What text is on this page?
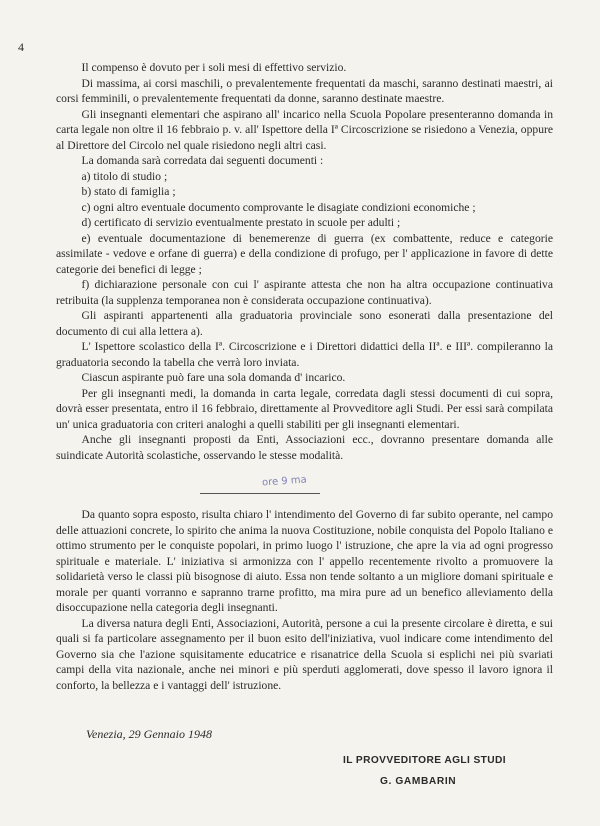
4

Il compenso è dovuto per i soli mesi di effettivo servizio.

Di massima, ai corsi maschili, o prevalentemente frequentati da maschi, saranno destinati maestri, ai corsi femminili, o prevalentemente frequentati da donne, saranno destinate maestre.

Gli insegnanti elementari che aspirano all' incarico nella Scuola Popolare presenteranno domanda in carta legale non oltre il 16 febbraio p. v. all' Ispettore della Iª Circoscrizione se risiedono a Venezia, oppure al Direttore del Circolo nel quale risiedono negli altri casi.

La domanda sarà corredata dai seguenti documenti :

a) titolo di studio ;

b) stato di famiglia ;

c) ogni altro eventuale documento comprovante le disagiate condizioni economiche ;

d) certificato di servizio eventualmente prestato in scuole per adulti ;

e) eventuale documentazione di benemerenze di guerra (ex combattente, reduce e categorie assimilate - vedove e orfane di guerra) e della condizione di profugo, per l' applicazione in favore di dette categorie dei benefici di legge ;

f) dichiarazione personale con cui l' aspirante attesta che non ha altra occupazione continuativa retribuita (la supplenza temporanea non è considerata occupazione continuativa).

Gli aspiranti appartenenti alla graduatoria provinciale sono esonerati dalla presentazione del documento di cui alla lettera a).

L' Ispettore scolastico della Iª. Circoscrizione e i Direttori didattici della IIª. e IIIª. compileranno la graduatoria secondo la tabella che verrà loro inviata.

Ciascun aspirante può fare una sola domanda d' incarico.

Per gli insegnanti medi, la domanda in carta legale, corredata dagli stessi documenti di cui sopra, dovrà esser presentata, entro il 16 febbraio, direttamente al Provveditore agli Studi. Per essi sarà compilata un' unica graduatoria con criteri analoghi a quelli stabiliti per gli insegnanti elementari.

Anche gli insegnanti proposti da Enti, Associazioni ecc., dovranno presentare domanda alle suindicate Autorità scolastiche, osservando le stesse modalità.

ore 9 ma

Da quanto sopra esposto, risulta chiaro l' intendimento del Governo di far subito operante, nel campo delle attuazioni concrete, lo spirito che anima la nuova Costituzione, nobile conquista del Popolo Italiano e ottimo strumento per le conquiste popolari, in primo luogo l' istruzione, che apre la via ad ogni progresso spirituale e materiale. L' iniziativa si armonizza con l' appello recentemente rivolto a promuovere la solidarietà verso le classi più bisognose di aiuto. Essa non tende soltanto a un migliore domani spirituale e morale per quanti vorranno e sapranno trarne profitto, ma mira pure ad un benefico alleviamento della disoccupazione nella categoria degli insegnanti.

La diversa natura degli Enti, Associazioni, Autorità, persone a cui la presente circolare è diretta, e sui quali si fa particolare assegnamento per il buon esito dell'iniziativa, vuol indicare come intendimento del Governo sia che l'azione squisitamente educatrice e risanatrice della Scuola si esplichi nei più svariati campi della vita nazionale, anche nei minori e più sperduti agglomerati, dove spesso il lavoro ignora il conforto, la bellezza e i vantaggi dell' istruzione.

Venezia, 29 Gennaio 1948
IL PROVVEDITORE AGLI STUDI
G. GAMBARIN
